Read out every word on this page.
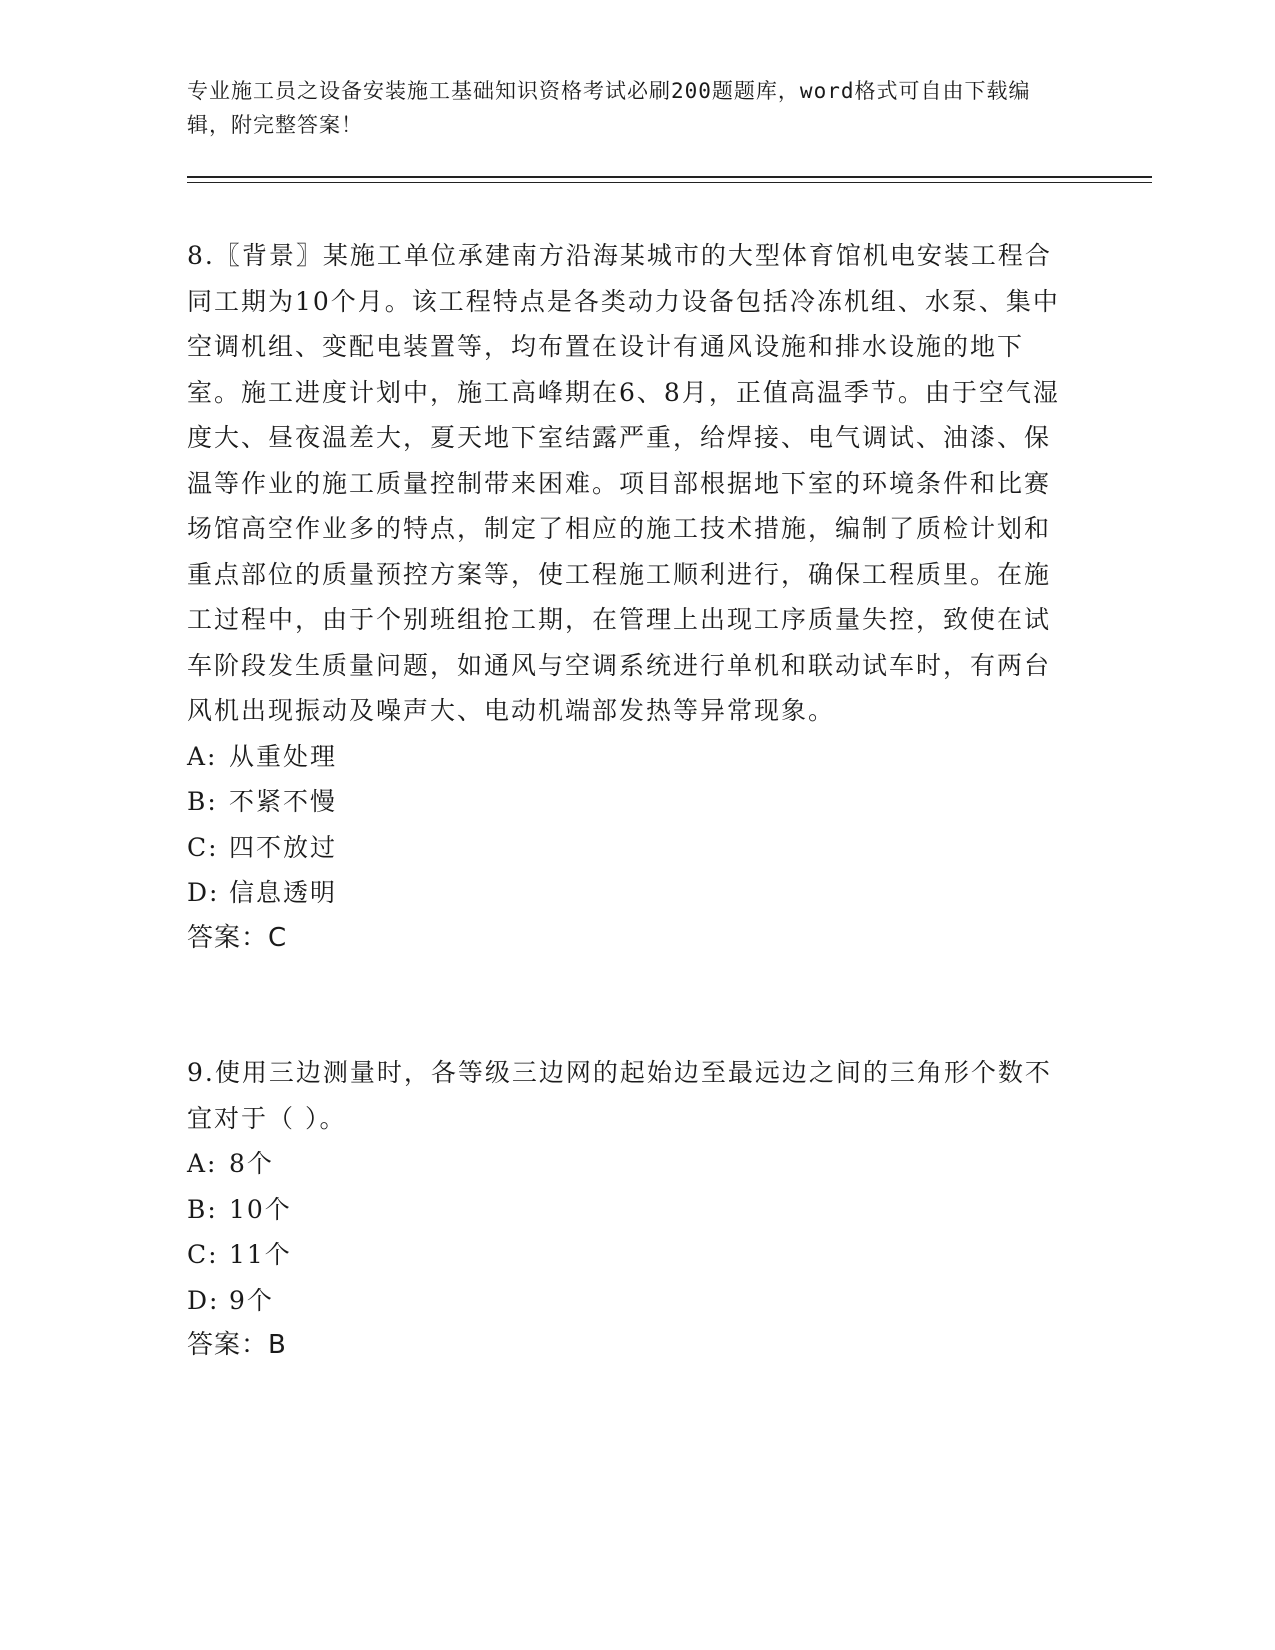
专业施工员之设备安装施工基础知识资格考试必刷200题题库，word格式可自由下载编辑，附完整答案！

8.〖背景〗某施工单位承建南方沿海某城市的大型体育馆机电安装工程合同工期为10个月。该工程特点是各类动力设备包括冷冻机组、水泵、集中空调机组、变配电装置等，均布置在设计有通风设施和排水设施的地下室。施工进度计划中，施工高峰期在6、8月，正值高温季节。由于空气湿度大、昼夜温差大，夏天地下室结露严重，给焊接、电气调试、油漆、保温等作业的施工质量控制带来困难。项目部根据地下室的环境条件和比赛场馆高空作业多的特点，制定了相应的施工技术措施，编制了质检计划和重点部位的质量预控方案等，使工程施工顺利进行，确保工程质里。在施工过程中，由于个别班组抢工期，在管理上出现工序质量失控，致使在试车阶段发生质量问题，如通风与空调系统进行单机和联动试车时，有两台风机出现振动及噪声大、电动机端部发热等异常现象。

A: 从重处理

B: 不紧不慢

C: 四不放过

D: 信息透明

答案：C

9.使用三边测量时，各等级三边网的起始边至最远边之间的三角形个数不宜对于（ ）。

A: 8个

B: 10个

C: 11个

D: 9个

答案：B
